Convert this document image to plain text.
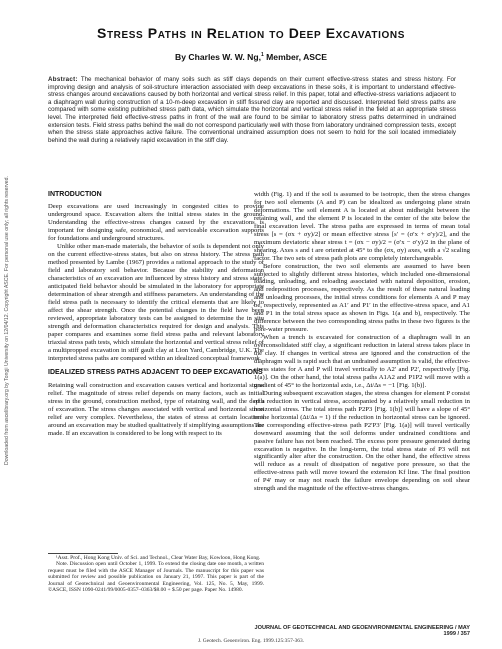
Downloaded from ascelibrary.org by Tongji University on 12/04/12. Copyright ASCE. For personal use only; all rights reserved.
Stress Paths in Relation to Deep Excavations
By Charles W. W. Ng,$^1$ Member, ASCE
Abstract: The mechanical behavior of many soils such as stiff clays depends on their current effective-stress states and stress history. For improving design and analysis of soil-structure interaction associated with deep excavations in these soils, it is important to understand effective-stress changes around excavations caused by both horizontal and vertical stress relief. In this paper, total and effective-stress variations adjacent to a diaphragm wall during construction of a 10-m-deep excavation in stiff fissured clay are reported and discussed. Interpreted field stress paths are compared with some existing published stress path data, which simulate the horizontal and vertical stress relief in the field at an appropriate stress level. The interpreted field effective-stress paths in front of the wall are found to be similar to laboratory stress paths determined in undrained extension tests. Field stress paths behind the wall do not correspond particularly well with those from laboratory undrained compression tests, except when the stress state approaches active failure. The conventional undrained assumption does not seem to hold for the soil located immediately behind the wall during a relatively rapid excavation in the stiff clay.
INTRODUCTION

Deep excavations are used increasingly in congested cities to provide underground space. Excavation alters the initial stress states in the ground. Understanding the effective-stress changes caused by the excavations is important for designing safe, economical, and serviceable excavation supports for foundations and underground structures.

Unlike other man-made materials, the behavior of soils is dependent not only on the current effective-stress states, but also on stress history. The stress path method presented by Lambe (1967) provides a rational approach to the study of field and laboratory soil behavior. Because the stability and deformation characteristics of an excavation are influenced by stress history and stress state, anticipated field behavior should be simulated in the laboratory for appropriate determination of shear strength and stiffness parameters. An understanding of the field stress path is necessary to identify the critical elements that are likely to affect the shear strength. Once the potential changes in the field have been reviewed, appropriate laboratory tests can be assigned to determine the in situ strength and deformation characteristics required for design and analysis. This paper compares and examines some field stress paths and relevant laboratory triaxial stress path tests, which simulate the horizontal and vertical stress relief of a multipropped excavation in stiff gault clay at Lion Yard, Cambridge, U.K. The interpreted stress paths are compared within an idealized conceptual framework.

IDEALIZED STRESS PATHS ADJACENT TO DEEP EXCAVATIONS

Retaining wall construction and excavation causes vertical and horizontal stress relief. The magnitude of stress relief depends on many factors, such as initial stress in the ground, construction method, type of retaining wall, and the depth of excavation. The stress changes associated with vertical and horizontal stress relief are very complex. Nevertheless, the states of stress at certain locations around an excavation may be studied qualitatively if simplifying assumptions are made. If an excavation is considered to be long with respect to its

¹Asst. Prof., Hong Kong Univ. of Sci. and Technol., Clear Water Bay, Kowloon, Hong Kong.

Note. Discussion open until October 1, 1999. To extend the closing date one month, a written request must be filed with the ASCE Manager of Journals. The manuscript for this paper was submitted for review and possible publication on January 21, 1997. This paper is part of the Journal of Geotechnical and Geoenvironmental Engineering, Vol. 125, No. 5, May, 1999. ©ASCE, ISSN 1090-0241/99/0005-0357–0363/$8.00 + $.50 per page. Paper No. 14980.

width (Fig. 1) and if the soil is assumed to be isotropic, then the stress changes for two soil elements (A and P) can be idealized as undergoing plane strain deformations. The soil element A is located at about midheight between the retaining wall, and the element P is located in the center of the site below the final excavation level. The stress paths are expressed in terms of mean total stress [s = (σx + σy)/2] or mean effective stress [s′ = (σ′x + σ′y)/2], and the maximum deviatoric shear stress t = (σx − σy)/2 = (σ′x − σ′y)/2 in the plane of shearing. Axes s and t are oriented at 45° to the (σx, σy) axes, with a √2 scaling factor. The two sets of stress path plots are completely interchangeable.

Before construction, the two soil elements are assumed to have been subjected to slightly different stress histories, which included one-dimensional loading, unloading, and reloading associated with natural deposition, erosion, and redeposition processes, respectively. As the result of these natural loading and unloading processes, the initial stress conditions for elements A and P may be, respectively, represented as A1′ and P1′ in the effective-stress space, and A1 and P1 in the total stress space as shown in Figs. 1(a and b), respectively. The difference between the two corresponding stress paths in these two figures is the pore-water pressure.

When a trench is excavated for construction of a diaphragm wall in an overconsolidated stiff clay, a significant reduction in lateral stress takes place in the clay. If changes in vertical stress are ignored and the construction of the diaphragm wall is rapid such that an undrained assumption is valid, the effective-stress states for A and P will travel vertically to A2′ and P2′, respectively [Fig. 1(a)]. On the other hand, the total stress paths A1A2 and P1P2 will move with a gradient of 45° to the horizontal axis, i.e., Δt/Δs = −1 [Fig. 1(b)].

During subsequent excavation stages, the stress changes for element P consist of a reduction in vertical stress, accompanied by a relatively small reduction in horizontal stress. The total stress path P2P3 [Fig. 1(b)] will have a slope of 45° to the horizontal (Δt/Δs = 1) if the reduction in horizontal stress can be ignored. The corresponding effective-stress path P2′P3′ [Fig. 1(a)] will travel vertically downward assuming that the soil deforms under undrained conditions and passive failure has not been reached. The excess pore pressure generated during excavation is negative. In the long-term, the total stress state of P3 will not significantly alter after the construction. On the other hand, the effective stress will reduce as a result of dissipation of negative pore pressure, so that the effective-stress path will move toward the extension Kf line. The final position of P4′ may or may not reach the failure envelope depending on soil shear strength and the magnitude of the effective-stress changes.

JOURNAL OF GEOTECHNICAL AND GEOENVIRONMENTAL ENGINEERING / MAY 1999 / 357
J. Geotech. Geoenviron. Eng. 1999.125:357-363.
